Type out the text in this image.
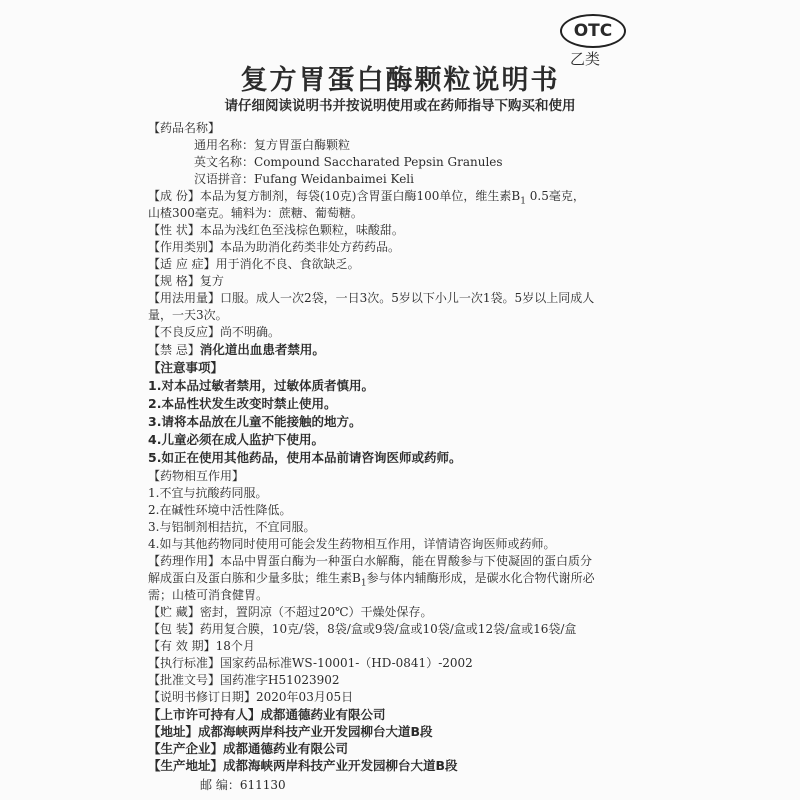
OTC
乙类
复方胃蛋白酶颗粒说明书
请仔细阅读说明书并按说明使用或在药师指导下购买和使用
【药品名称】
通用名称：复方胃蛋白酶颗粒
英文名称：Compound Saccharated Pepsin Granules
汉语拼音：Fufang Weidanbaimei Keli
【成 份】本品为复方制剂，每袋(10克)含胃蛋白酶100单位，维生素$B_1$ 0.5毫克，
山楂300毫克。辅料为：蔗糖、葡萄糖。
【性 状】本品为浅红色至浅棕色颗粒，味酸甜。
【作用类别】本品为助消化药类非处方药药品。
【适 应 症】用于消化不良、食欲缺乏。
【规 格】复方
【用法用量】口服。成人一次2袋，一日3次。5岁以下小儿一次1袋。5岁以上同成人
量，一天3次。
【不良反应】尚不明确。
【禁 忌】消化道出血患者禁用。
【注意事项】
1.对本品过敏者禁用，过敏体质者慎用。
2.本品性状发生改变时禁止使用。
3.请将本品放在儿童不能接触的地方。
4.儿童必须在成人监护下使用。
5.如正在使用其他药品，使用本品前请咨询医师或药师。
【药物相互作用】
1.不宜与抗酸药同服。
2.在碱性环境中活性降低。
3.与铝制剂相拮抗，不宜同服。
4.如与其他药物同时使用可能会发生药物相互作用，详情请咨询医师或药师。
【药理作用】本品中胃蛋白酶为一种蛋白水解酶，能在胃酸参与下使凝固的蛋白质分
解成蛋白及蛋白胨和少量多肽；维生素$B_1$参与体内辅酶形成，是碳水化合物代谢所必
需；山楂可消食健胃。
【贮 藏】密封，置阴凉（不超过20℃）干燥处保存。
【包 装】药用复合膜，10克/袋，8袋/盒或9袋/盒或10袋/盒或12袋/盒或16袋/盒
【有 效 期】18个月
【执行标准】国家药品标准WS-10001-（HD-0841）-2002
【批准文号】国药准字H51023902
【说明书修订日期】2020年03月05日
【上市许可持有人】成都通德药业有限公司
【地址】成都海峡两岸科技产业开发园柳台大道B段
【生产企业】成都通德药业有限公司
【生产地址】成都海峡两岸科技产业开发园柳台大道B段
邮 编：611130
